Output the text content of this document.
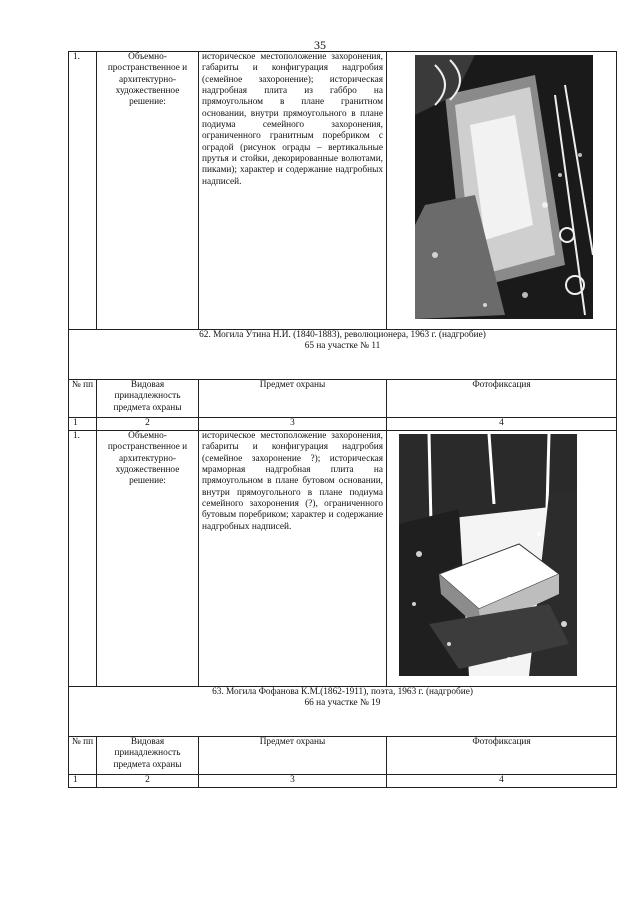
35
1.	Объемно-пространственное и архитектурно-художественное решение:	историческое местоположение захоронения, габариты и конфигурация надгробия (семейное захоронение); историческая надгробная плита из габбро на прямоугольном в плане гранитном основании, внутри прямоугольного в плане подиума семейного захоронения, ограниченного гранитным поребриком с оградой (рисунок ограды – вертикальные прутья и стойки, декорированные волютами, пиками); характер и содержание надгробных надписей.	

62. Могила Утина Н.И. (1840-1883), революционера, 1963 г. (надгробие)
65 на участке № 11			

№ пп	Видовая принадлежность предмета охраны	Предмет охраны	Фотофиксация
1	2	3	4
1.	Объемно-пространственное и архитектурно-художественное решение:	историческое местоположение захоронения, габариты и конфигурация надгробия (семейное захоронение ?); историческая мраморная надгробная плита на прямоугольном в плане бутовом основании, внутри прямоугольного в плане подиума семейного захоронения (?), ограниченного бутовым поребриком; характер и содержание надгробных надписей.	

63. Могила Фофанова К.М.(1862-1911), поэта, 1963 г. (надгробие)
66 на участке № 19			

№ пп	Видовая принадлежность предмета охраны	Предмет охраны	Фотофиксация
1	2	3	4
